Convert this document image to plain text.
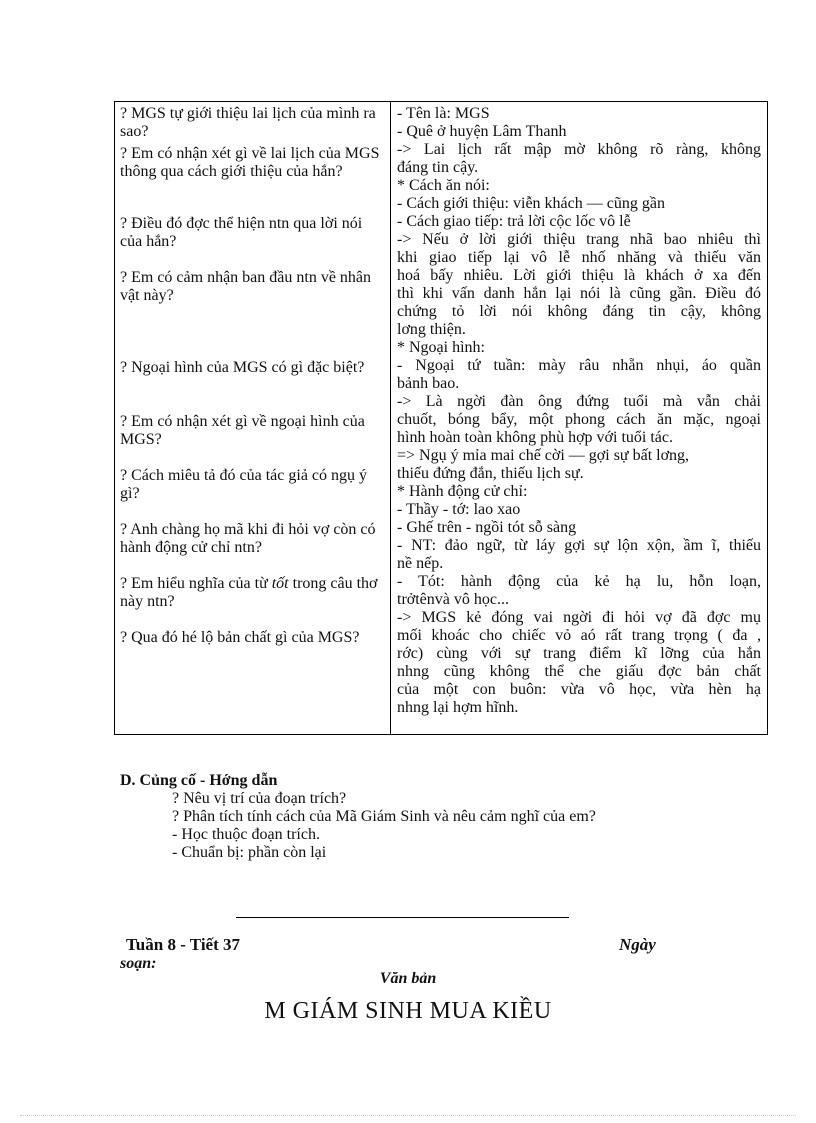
? MGS tự giới thiệu lai lịch của mình ra sao?
? Em có nhận xét gì về lai lịch của MGS thông qua cách giới thiệu của hắn?
? Điều đó đợc thể hiện ntn qua lời nói của hắn?
? Em có cảm nhận ban đầu ntn về nhân vật này?
? Ngoại hình của MGS có gì đặc biệt?
? Em có nhận xét gì về ngoại hình của MGS?
? Cách miêu tả đó của tác giả có ngụ ý gì?
? Anh chàng họ mã khi đi hỏi vợ còn có hành động cử chỉ ntn?
? Em hiểu nghĩa của từ tốt trong câu thơ này ntn?
? Qua đó hé lộ bản chất gì của MGS?
- Tên là: MGS
- Quê ở huyện Lâm Thanh
-> Lai lịch rất mập mờ không rõ ràng, không
đáng tin cậy.
* Cách ăn nói:
- Cách giới thiệu: viễn khách — cũng gần
- Cách giao tiếp: trả lời cộc lốc vô lễ
-> Nếu ở lời giới thiệu trang nhã bao nhiêu thì
khi giao tiếp lại vô lễ nhố nhăng và thiếu văn
hoá bấy nhiêu. Lời giới thiệu là khách ở xa đến
thì khi vấn danh hắn lại nói là cũng gần. Điều đó
chứng tỏ lời nói không đáng tin cậy, không
lơng thiện.
* Ngoại hình:
- Ngoại tứ tuần: mày râu nhẵn nhụi, áo quần
bảnh bao.
-> Là ngời đàn ông đứng tuổi mà vẫn chải
chuốt, bóng bẩy, một phong cách ăn mặc, ngoại
hình hoàn toàn không phù hợp với tuổi tác.
=> Ngụ ý mỉa mai chế cời — gợi sự bất lơng,
thiếu đứng đắn, thiếu lịch sự.
* Hành động cử chỉ:
- Thầy - tớ: lao xao
- Ghế trên - ngồi tót sỗ sàng
- NT: đảo ngữ, từ láy gợi sự lộn xộn, ầm ĩ, thiếu
nề nếp.
- Tót: hành động của kẻ hạ lu, hỗn loạn,
trởtênvà vô học...
-> MGS kẻ đóng vai ngời đi hỏi vợ đã đợc mụ
mối khoác cho chiếc vỏ aó rất trang trọng ( đa ,
rớc) cùng với sự trang điểm kĩ lỡng của hắn
nhng cũng không thể che giấu đợc bản chất
của một con buôn: vừa vô học, vừa hèn hạ
nhng lại hợm hĩnh.
D. Củng cố - Hớng dẫn
? Nêu vị trí của đoạn trích?
? Phân tích tính cách của Mã Giám Sinh và nêu cảm nghĩ của em?
- Học thuộc đoạn trích.
- Chuẩn bị: phần còn lại
Tuần 8 - Tiết 37	Ngày
soạn:
Văn bản
M GIÁM SINH MUA KIỀU
